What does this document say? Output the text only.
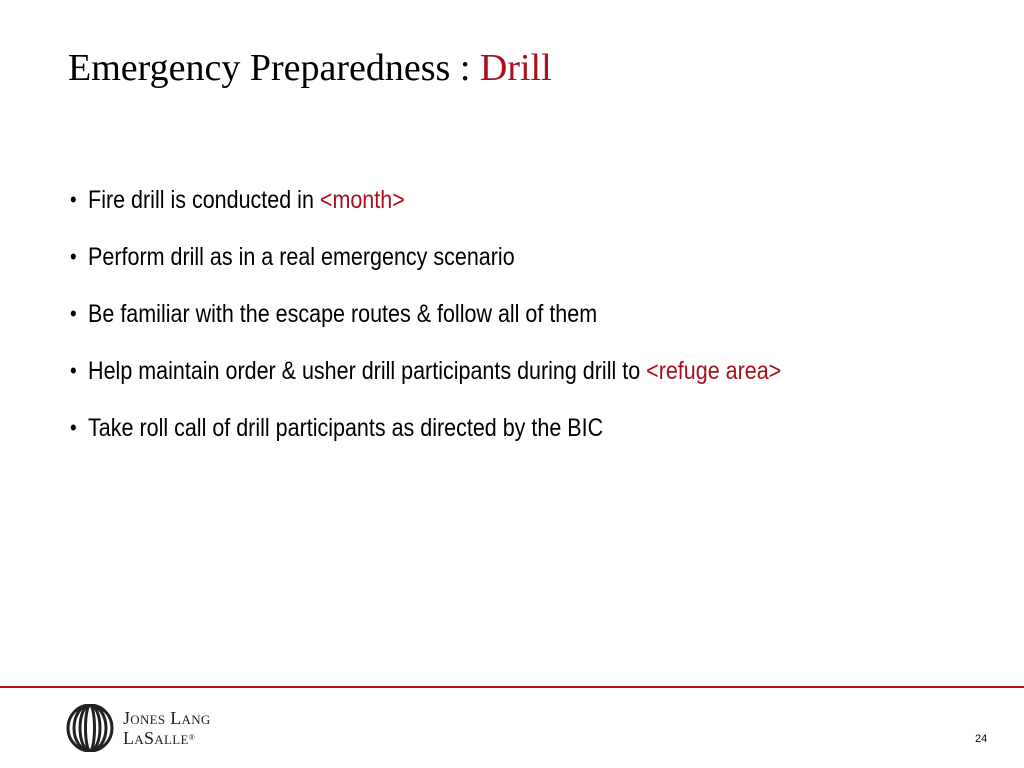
Emergency Preparedness : Drill
• Fire drill is conducted in <month>
• Perform drill as in a real emergency scenario
• Be familiar with the escape routes & follow all of them
• Help maintain order & usher drill participants during drill to <refuge area>
• Take roll call of drill participants as directed by the BIC
Jones Lang
LaSalle®	24
